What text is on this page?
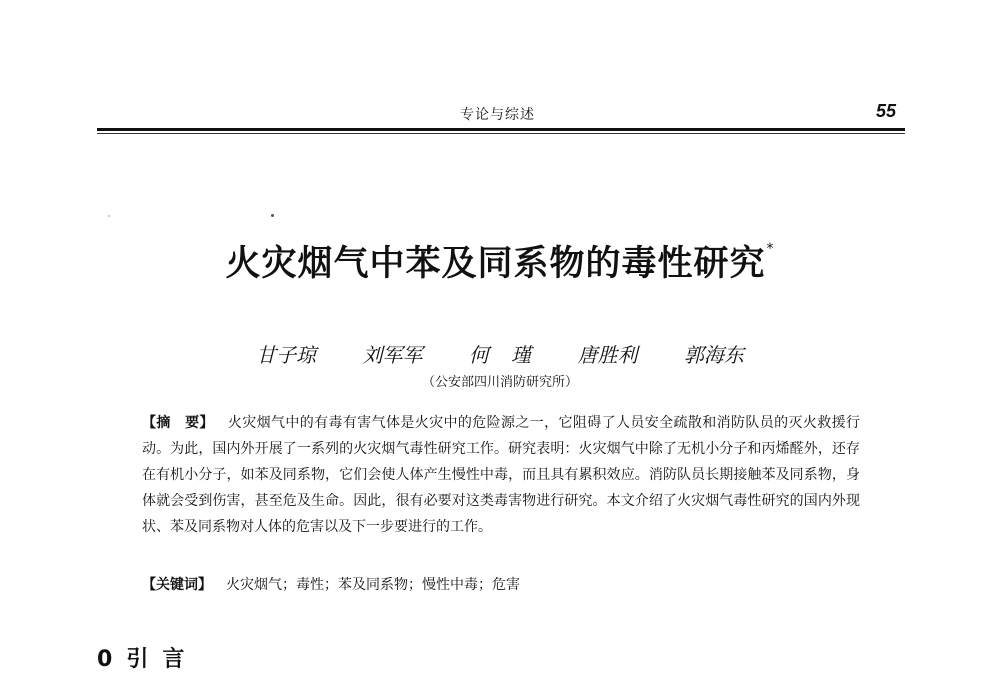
专论与综述	55
火灾烟气中苯及同系物的毒性研究*
甘子琼 刘军军 何 瑾 唐胜利 郭海东
（公安部四川消防研究所）
【摘　要】 火灾烟气中的有毒有害气体是火灾中的危险源之一，它阻碍了人员安全疏散和消防队员的灭火救援行动。为此，国内外开展了一系列的火灾烟气毒性研究工作。研究表明：火灾烟气中除了无机小分子和丙烯醛外，还存在有机小分子，如苯及同系物，它们会使人体产生慢性中毒，而且具有累积效应。消防队员长期接触苯及同系物，身体就会受到伤害，甚至危及生命。因此，很有必要对这类毒害物进行研究。本文介绍了火灾烟气毒性研究的国内外现状、苯及同系物对人体的危害以及下一步要进行的工作。
【关键词】 火灾烟气；毒性；苯及同系物；慢性中毒；危害
0 引言
